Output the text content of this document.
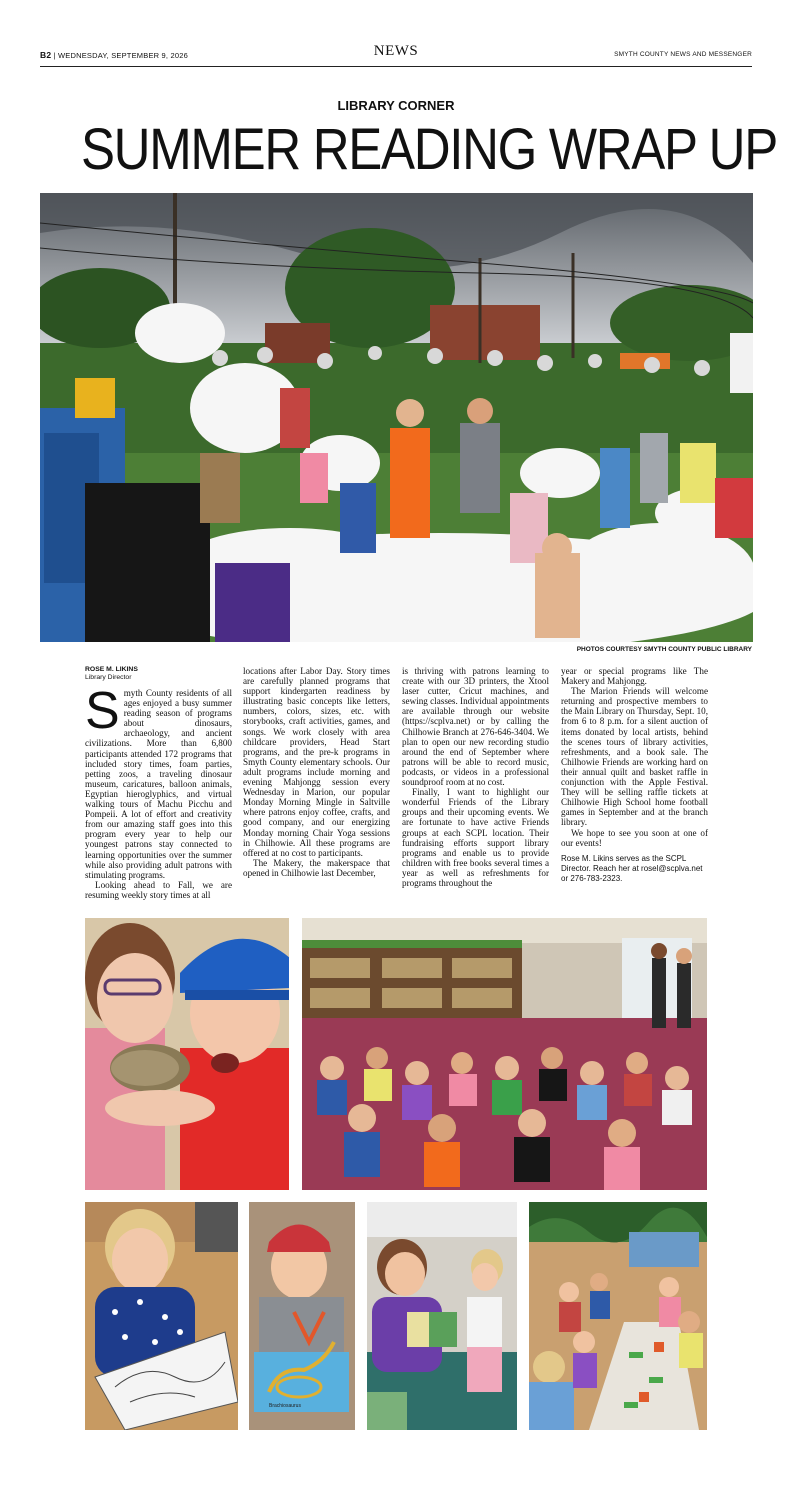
B2 | WEDNESDAY, SEPTEMBER 9, 2026	NEWS	SMYTH COUNTY NEWS AND MESSENGER
LIBRARY CORNER
SUMMER READING WRAP UP
PHOTOS COURTESY SMYTH COUNTY PUBLIC LIBRARY

ROSE M. LIKINS
Library Director

Smyth County residents of all ages enjoyed a busy summer reading season of programs about dinosaurs, archaeology, and ancient civilizations. More than 6,800 participants attended 172 programs that included story times, foam parties, petting zoos, a traveling dinosaur museum, caricatures, balloon animals, Egyptian hieroglyphics, and virtual walking tours of Machu Picchu and Pompeii. A lot of effort and creativity from our amazing staff goes into this program every year to help our youngest patrons stay connected to learning opportunities over the summer while also providing adult patrons with stimulating programs.

Looking ahead to Fall, we are resuming weekly story times at all

locations after Labor Day. Story times are carefully planned programs that support kindergarten readiness by illustrating basic concepts like letters, numbers, colors, sizes, etc. with storybooks, craft activities, games, and songs. We work closely with area childcare providers, Head Start programs, and the pre-k programs in Smyth County elementary schools. Our adult programs include morning and evening Mahjongg session every Wednesday in Marion, our popular Monday Morning Mingle in Saltville where patrons enjoy coffee, crafts, and good company, and our energizing Monday morning Chair Yoga sessions in Chilhowie. All these programs are offered at no cost to participants.

The Makery, the makerspace that opened in Chilhowie last December,

is thriving with patrons learning to create with our 3D printers, the Xtool laser cutter, Cricut machines, and sewing classes. Individual appointments are available through our website (https://scplva.net) or by calling the Chilhowie Branch at 276-646-3404. We plan to open our new recording studio around the end of September where patrons will be able to record music, podcasts, or videos in a professional soundproof room at no cost.

Finally, I want to highlight our wonderful Friends of the Library groups and their upcoming events. We are fortunate to have active Friends groups at each SCPL location. Their fundraising efforts support library programs and enable us to provide children with free books several times a year as well as refreshments for programs throughout the

year or special programs like The Makery and Mahjongg.

The Marion Friends will welcome returning and prospective members to the Main Library on Thursday, Sept. 10, from 6 to 8 p.m. for a silent auction of items donated by local artists, behind the scenes tours of library activities, refreshments, and a book sale. The Chilhowie Friends are working hard on their annual quilt and basket raffle in conjunction with the Apple Festival. They will be selling raffle tickets at Chilhowie High School home football games in September and at the branch library.

We hope to see you soon at one of our events!

Rose M. Likins serves as the SCPL Director. Reach her at rosel@scplva.net or 276-783-2323.

Brachiosaurus
